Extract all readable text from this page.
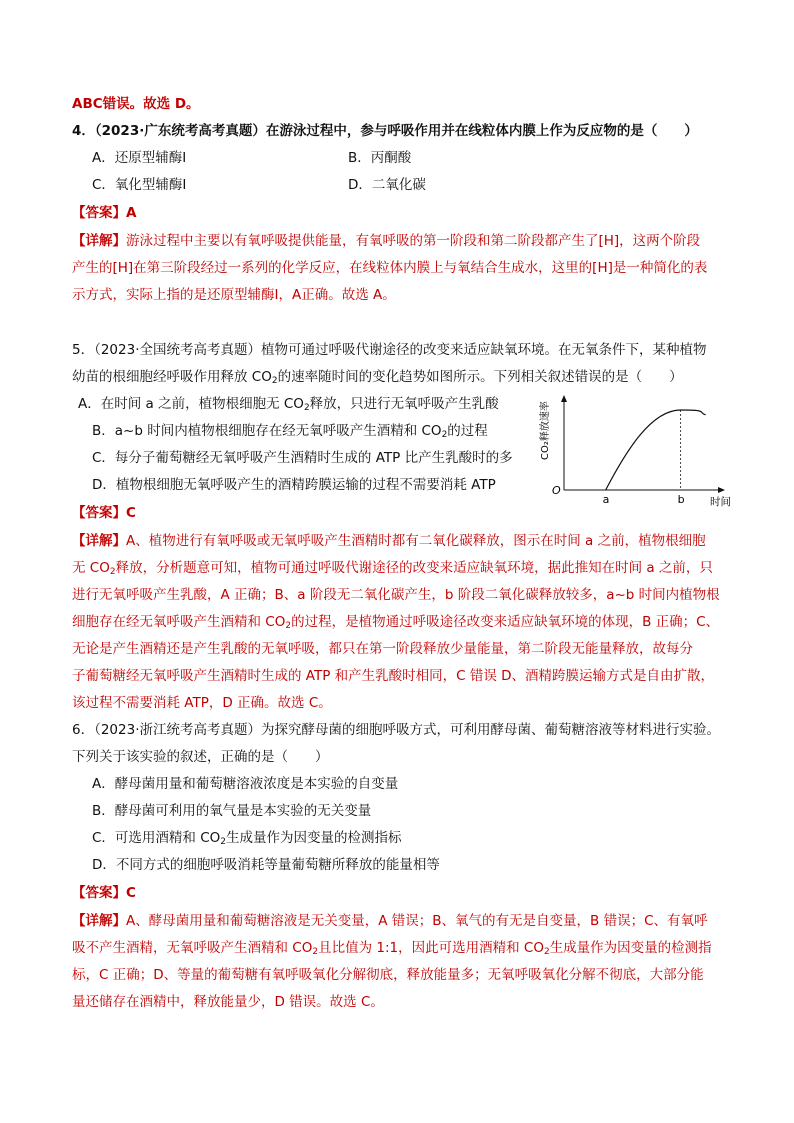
ABC错误。故选 D。
4．（2023·广东统考高考真题）在游泳过程中，参与呼吸作用并在线粒体内膜上作为反应物的是（　　）
A．还原型辅酶Ⅰ	B．丙酮酸
C．氧化型辅酶Ⅰ	D．二氧化碳
【答案】A
【详解】游泳过程中主要以有氧呼吸提供能量，有氧呼吸的第一阶段和第二阶段都产生了[H]，这两个阶段
产生的[H]在第三阶段经过一系列的化学反应，在线粒体内膜上与氧结合生成水，这里的[H]是一种简化的表
示方式，实际上指的是还原型辅酶Ⅰ，A正确。故选 A。
5．（2023·全国统考高考真题）植物可通过呼吸代谢途径的改变来适应缺氧环境。在无氧条件下，某种植物
幼苗的根细胞经呼吸作用释放 $CO_2$的速率随时间的变化趋势如图所示。下列相关叙述错误的是（　　）
A．在时间 a 之前，植物根细胞无 $CO_2$释放，只进行无氧呼吸产生乳酸
B．a~b 时间内植物根细胞存在经无氧呼吸产生酒精和 $CO_2$的过程
C．每分子葡萄糖经无氧呼吸产生酒精时生成的 ATP 比产生乳酸时的多
D．植物根细胞无氧呼吸产生的酒精跨膜运输的过程不需要消耗 ATP	O
a	b 时间
CO₂释放速率
【答案】C
【详解】A、植物进行有氧呼吸或无氧呼吸产生酒精时都有二氧化碳释放，图示在时间 a 之前，植物根细胞
无 $CO_2$释放，分析题意可知，植物可通过呼吸代谢途径的改变来适应缺氧环境，据此推知在时间 a 之前，只
进行无氧呼吸产生乳酸，A 正确；B、a 阶段无二氧化碳产生，b 阶段二氧化碳释放较多，a~b 时间内植物根
细胞存在经无氧呼吸产生酒精和 $CO_2$的过程，是植物通过呼吸途径改变来适应缺氧环境的体现，B 正确；C、
无论是产生酒精还是产生乳酸的无氧呼吸，都只在第一阶段释放少量能量，第二阶段无能量释放，故每分
子葡萄糖经无氧呼吸产生酒精时生成的 ATP 和产生乳酸时相同，C 错误 D、酒精跨膜运输方式是自由扩散，
该过程不需要消耗 ATP，D 正确。故选 C。
6．（2023·浙江统考高考真题）为探究酵母菌的细胞呼吸方式，可利用酵母菌、葡萄糖溶液等材料进行实验。
下列关于该实验的叙述，正确的是（　　）
A．酵母菌用量和葡萄糖溶液浓度是本实验的自变量
B．酵母菌可利用的氧气量是本实验的无关变量
C．可选用酒精和 $CO_2$生成量作为因变量的检测指标
D．不同方式的细胞呼吸消耗等量葡萄糖所释放的能量相等
【答案】C
【详解】A、酵母菌用量和葡萄糖溶液是无关变量，A 错误；B、氧气的有无是自变量，B 错误；C、有氧呼
吸不产生酒精，无氧呼吸产生酒精和 $CO_2$且比值为 1:1，因此可选用酒精和 $CO_2$生成量作为因变量的检测指
标，C 正确；D、等量的葡萄糖有氧呼吸氧化分解彻底，释放能量多；无氧呼吸氧化分解不彻底，大部分能
量还储存在酒精中，释放能量少，D 错误。故选 C。
